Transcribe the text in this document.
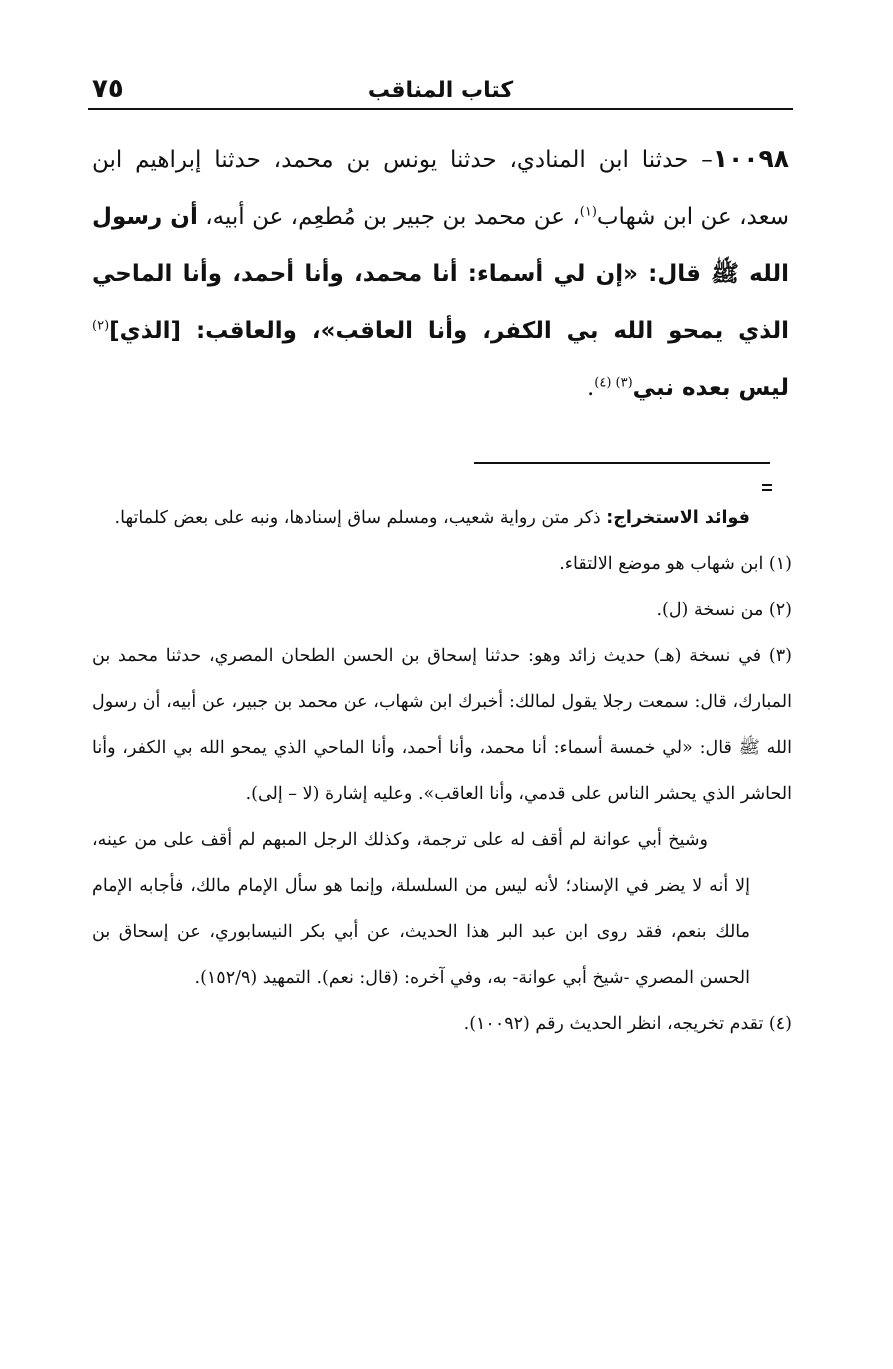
كتاب المناقب
٧٥
١٠٠٩٨– حدثنا ابن المنادي، حدثنا يونس بن محمد، حدثنا إبراهيم ابن سعد، عن ابن شهاب$^{(١)}$، عن محمد بن جبير بن مُطعِم، عن أبيه، أن رسول الله ﷺ قال: «إن لي أسماء: أنا محمد، وأنا أحمد، وأنا الماحي الذي يمحو الله بي الكفر، وأنا العاقب»، والعاقب: [الذي]$^{(٢)}$ ليس بعده نبي$^{(٣) (٤)}$.

فوائد الاستخراج: ذكر متن رواية شعيب، ومسلم ساق إسنادها، ونبه على بعض كلماتها.

(١) ابن شهاب هو موضع الالتقاء.

(٢) من نسخة (ل).

(٣) في نسخة (هـ) حديث زائد وهو: حدثنا إسحاق بن الحسن الطحان المصري، حدثنا محمد بن المبارك، قال: سمعت رجلا يقول لمالك: أخبرك ابن شهاب، عن محمد بن جبير، عن أبيه، أن رسول الله ﷺ قال: «لي خمسة أسماء: أنا محمد، وأنا أحمد، وأنا الماحي الذي يمحو الله بي الكفر، وأنا الحاشر الذي يحشر الناس على قدمي، وأنا العاقب». وعليه إشارة (لا – إلى).

وشيخ أبي عوانة لم أقف له على ترجمة، وكذلك الرجل المبهم لم أقف على من عينه، إلا أنه لا يضر في الإسناد؛ لأنه ليس من السلسلة، وإنما هو سأل الإمام مالك، فأجابه الإمام مالك بنعم، فقد روى ابن عبد البر هذا الحديث، عن أبي بكر النيسابوري، عن إسحاق بن الحسن المصري -شيخ أبي عوانة- به، وفي آخره: (قال: نعم). التمهيد (١٥٢/٩).

(٤) تقدم تخريجه، انظر الحديث رقم (١٠٠٩٢).
